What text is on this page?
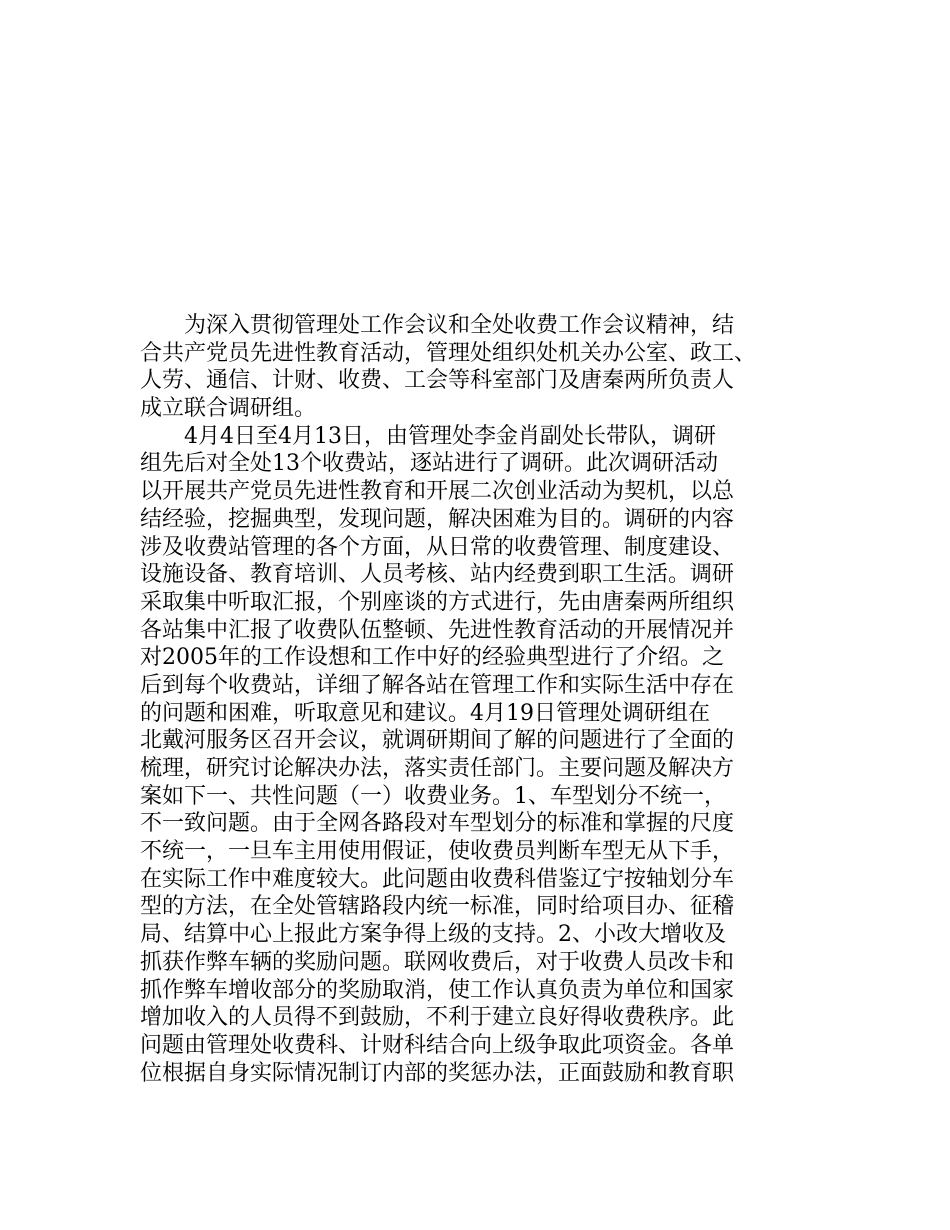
　　为深入贯彻管理处工作会议和全处收费工作会议精神，结
合共产党员先进性教育活动，管理处组织处机关办公室、政工、
人劳、通信、计财、收费、工会等科室部门及唐秦两所负责人
成立联合调研组。
　　4月4日至4月13日，由管理处李金肖副处长带队，调研
组先后对全处13个收费站，逐站进行了调研。此次调研活动
以开展共产党员先进性教育和开展二次创业活动为契机，以总
结经验，挖掘典型，发现问题，解决困难为目的。调研的内容
涉及收费站管理的各个方面，从日常的收费管理、制度建设、
设施设备、教育培训、人员考核、站内经费到职工生活。调研
采取集中听取汇报，个别座谈的方式进行，先由唐秦两所组织
各站集中汇报了收费队伍整顿、先进性教育活动的开展情况并
对2005年的工作设想和工作中好的经验典型进行了介绍。之
后到每个收费站，详细了解各站在管理工作和实际生活中存在
的问题和困难，听取意见和建议。4月19日管理处调研组在
北戴河服务区召开会议，就调研期间了解的问题进行了全面的
梳理，研究讨论解决办法，落实责任部门。主要问题及解决方
案如下一、共性问题（一）收费业务。1、车型划分不统一，
不一致问题。由于全网各路段对车型划分的标准和掌握的尺度
不统一，一旦车主用使用假证，使收费员判断车型无从下手，
在实际工作中难度较大。此问题由收费科借鉴辽宁按轴划分车
型的方法，在全处管辖路段内统一标准，同时给项目办、征稽
局、结算中心上报此方案争得上级的支持。2、小改大增收及
抓获作弊车辆的奖励问题。联网收费后，对于收费人员改卡和
抓作弊车增收部分的奖励取消，使工作认真负责为单位和国家
增加收入的人员得不到鼓励，不利于建立良好得收费秩序。此
问题由管理处收费科、计财科结合向上级争取此项资金。各单
位根据自身实际情况制订内部的奖惩办法，正面鼓励和教育职
